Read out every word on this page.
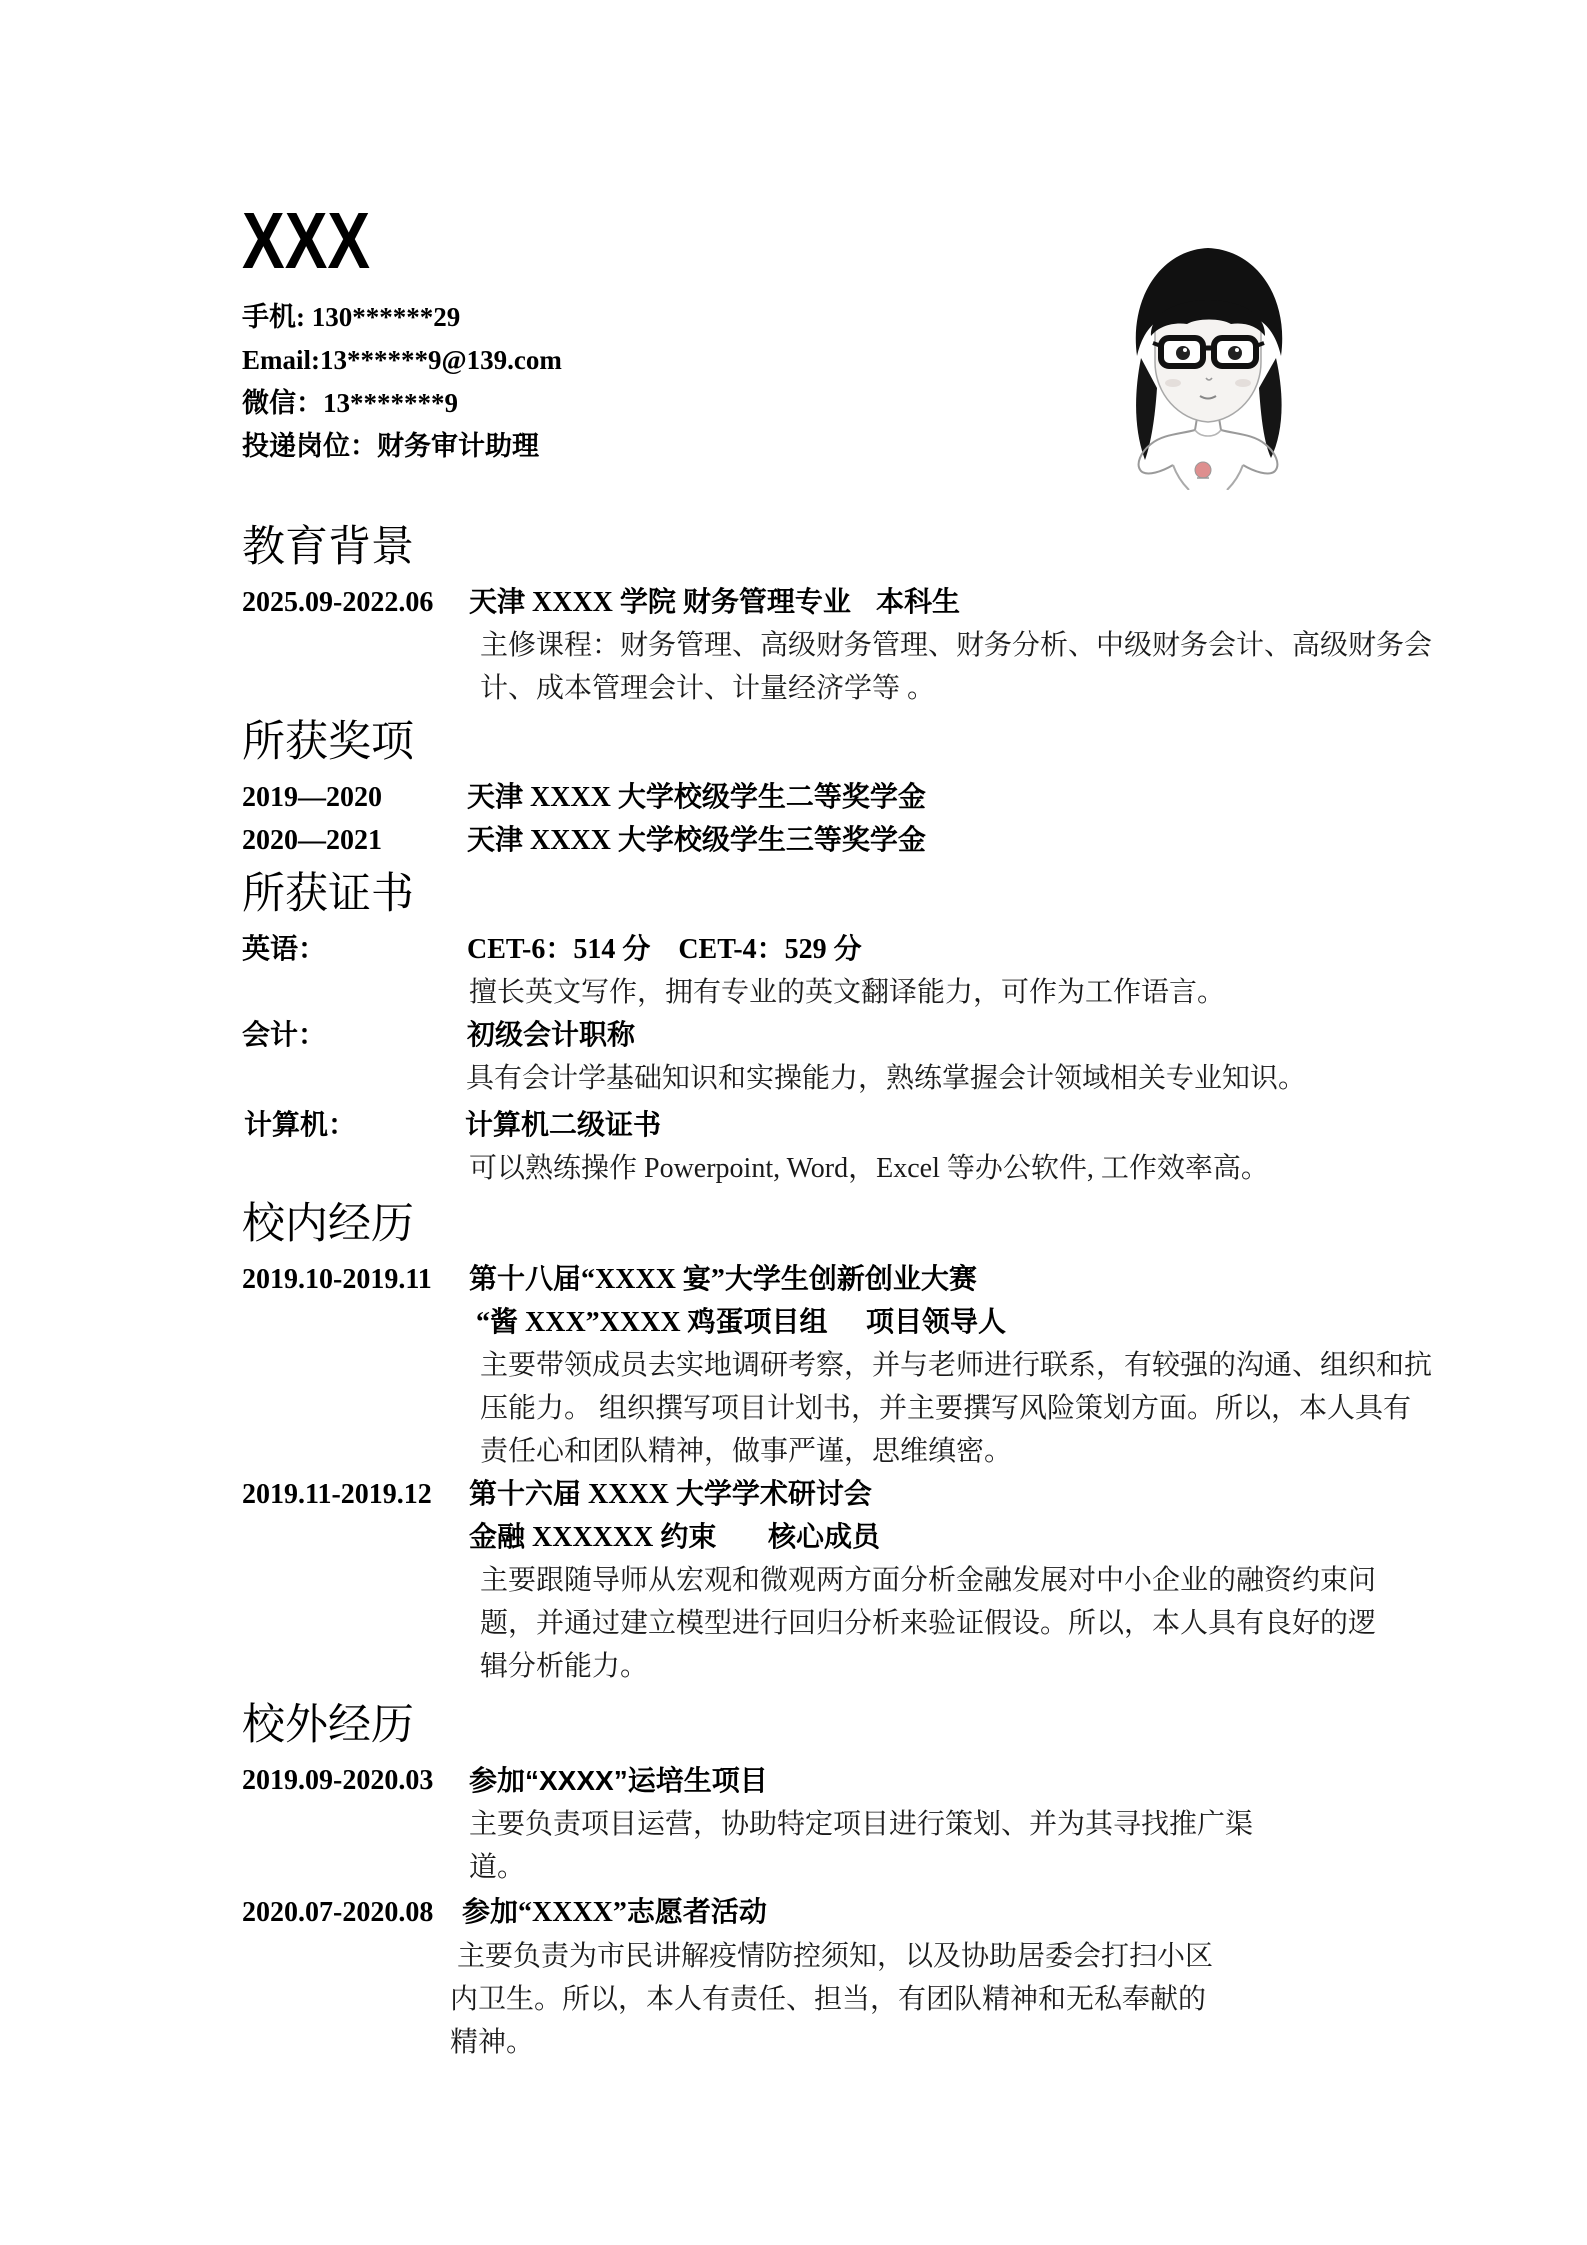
XXX
手机: 130******29
Email:13******9@139.com
微信：13*******9
投递岗位：财务审计助理
教育背景
2025.09-2022.06 天津 XXXX 学院 财务管理专业 本科生
主修课程：财务管理、高级财务管理、财务分析、中级财务会计、高级财务会
计、成本管理会计、计量经济学等 。
所获奖项
2019—2020	天津 XXXX 大学校级学生二等奖学金
2020—2021	天津 XXXX 大学校级学生三等奖学金
所获证书
英语：	CET-6：514 分　CET-4：529 分
擅长英文写作，拥有专业的英文翻译能力，可作为工作语言。
会计：	初级会计职称
具有会计学基础知识和实操能力，熟练掌握会计领域相关专业知识。
计算机：	计算机二级证书
可以熟练操作 Powerpoint, Word，Excel 等办公软件, 工作效率高。
校内经历
2019.10-2019.11 第十八届“XXXX 宴”大学生创新创业大赛
“酱 XXX”XXXX 鸡蛋项目组 项目领导人
主要带领成员去实地调研考察，并与老师进行联系，有较强的沟通、组织和抗
压能力。 组织撰写项目计划书，并主要撰写风险策划方面。所以，本人具有
责任心和团队精神，做事严谨，思维缜密。
2019.11-2019.12 第十六届 XXXX 大学学术研讨会
金融 XXXXXX 约束 核心成员
主要跟随导师从宏观和微观两方面分析金融发展对中小企业的融资约束问
题，并通过建立模型进行回归分析来验证假设。所以，本人具有良好的逻
辑分析能力。
校外经历
2019.09-2020.03 参加“XXXX”运培生项目
主要负责项目运营，协助特定项目进行策划、并为其寻找推广渠
道。
2020.07-2020.08 参加“XXXX”志愿者活动
主要负责为市民讲解疫情防控须知，以及协助居委会打扫小区
内卫生。所以，本人有责任、担当，有团队精神和无私奉献的
精神。
